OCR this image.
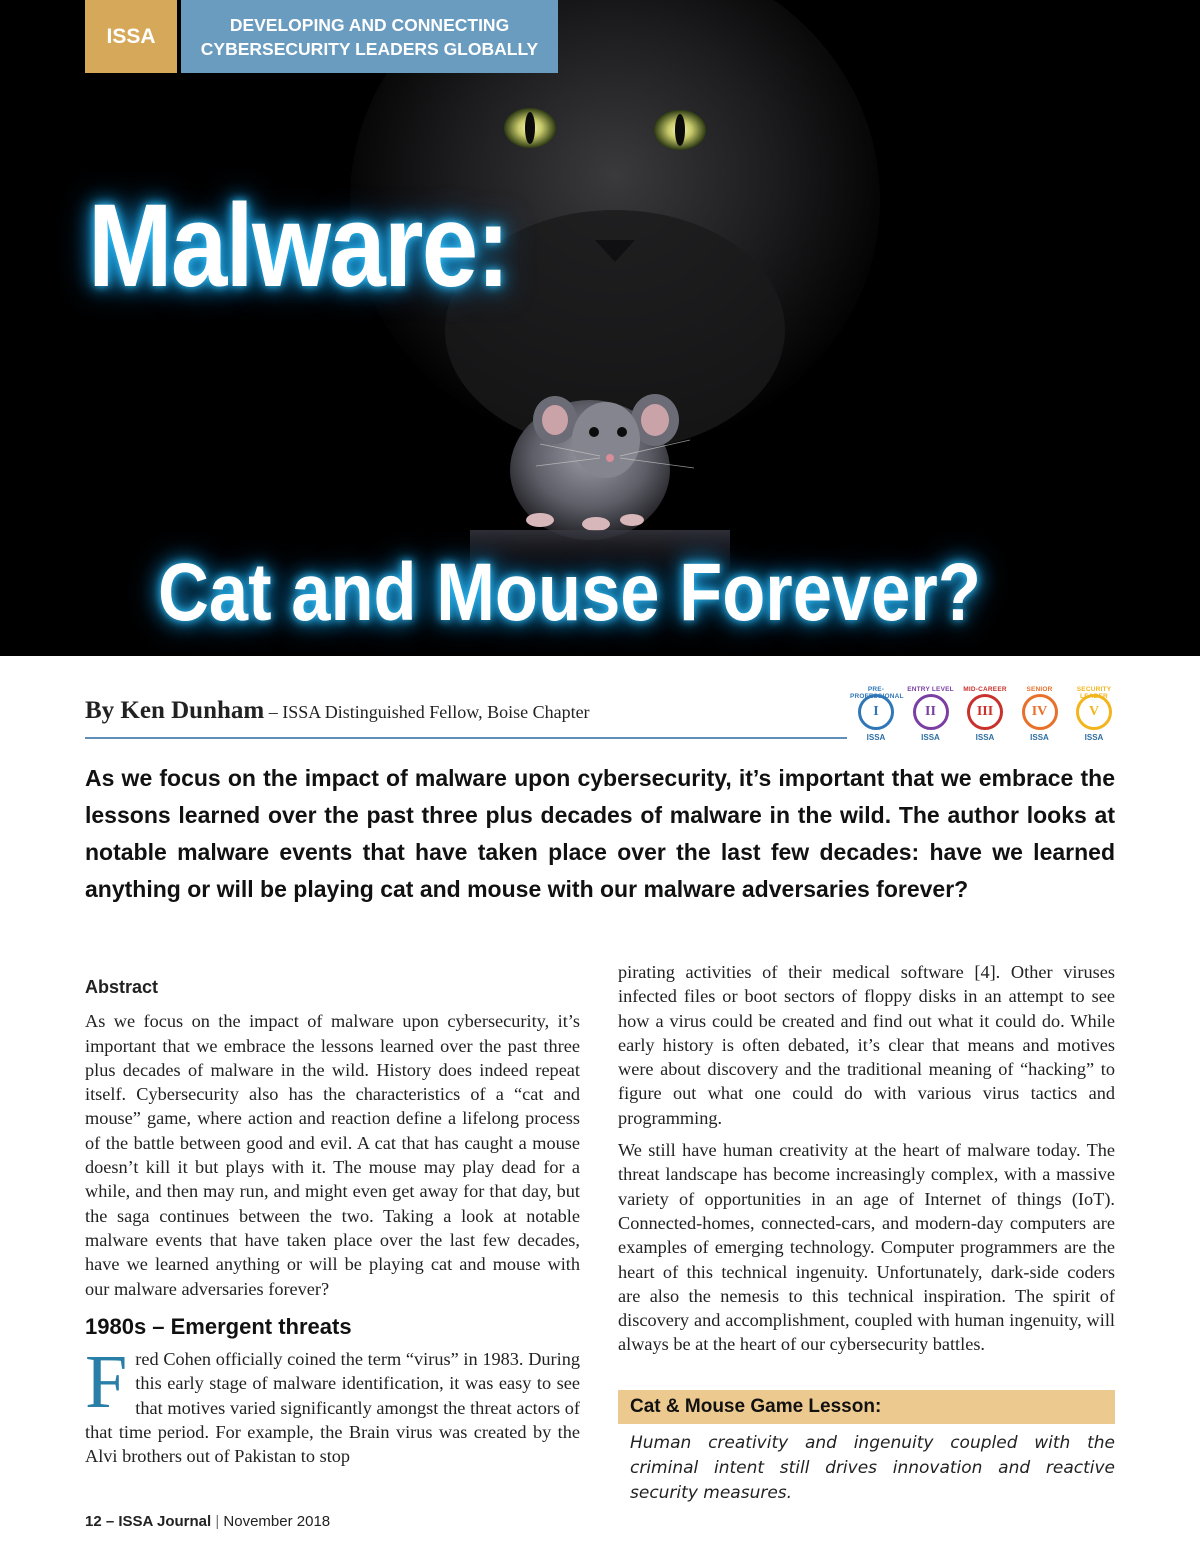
ISSA	DEVELOPING AND CONNECTING
CYBERSECURITY LEADERS GLOBALLY
Malware:
Cat and Mouse Forever?
By Ken Dunham – ISSA Distinguished Fellow, Boise Chapter
PRE-PROFESSIONAL
I
ISSA
ENTRY LEVEL
II
ISSA
MID-CAREER
III
ISSA
SENIOR
IV
ISSA
SECURITY LEADER
V
ISSA
As we focus on the impact of malware upon cybersecurity, it’s important that we embrace the lessons learned over the past three plus decades of malware in the wild. The author looks at notable malware events that have taken place over the last few decades: have we learned anything or will be playing cat and mouse with our malware adversaries forever?
Abstract

As we focus on the impact of malware upon cybersecurity, it’s important that we embrace the lessons learned over the past three plus decades of malware in the wild. History does indeed repeat itself. Cybersecurity also has the characteristics of a “cat and mouse” game, where action and reaction define a lifelong process of the battle between good and evil. A cat that has caught a mouse doesn’t kill it but plays with it. The mouse may play dead for a while, and then may run, and might even get away for that day, but the saga continues between the two. Taking a look at notable malware events that have taken place over the last few decades, have we learned anything or will be playing cat and mouse with our malware adversaries forever?

1980s – Emergent threats

Fred Cohen officially coined the term “virus” in 1983. During this early stage of malware identification, it was easy to see that motives varied significantly amongst the threat actors of that time period. For example, the Brain virus was created by the Alvi brothers out of Pakistan to stop

pirating activities of their medical software [4]. Other viruses infected files or boot sectors of floppy disks in an attempt to see how a virus could be created and find out what it could do. While early history is often debated, it’s clear that means and motives were about discovery and the traditional meaning of “hacking” to figure out what one could do with various virus tactics and programming.

We still have human creativity at the heart of malware today. The threat landscape has become increasingly complex, with a massive variety of opportunities in an age of Internet of things (IoT). Connected-homes, connected-cars, and modern-day computers are examples of emerging technology. Computer programmers are the heart of this technical ingenuity. Unfortunately, dark-side coders are also the nemesis to this technical inspiration. The spirit of discovery and accomplishment, coupled with human ingenuity, will always be at the heart of our cybersecurity battles.

Cat & Mouse Game Lesson:
Human creativity and ingenuity coupled with the criminal intent still drives innovation and reactive security measures.
12 – ISSA Journal | November 2018
